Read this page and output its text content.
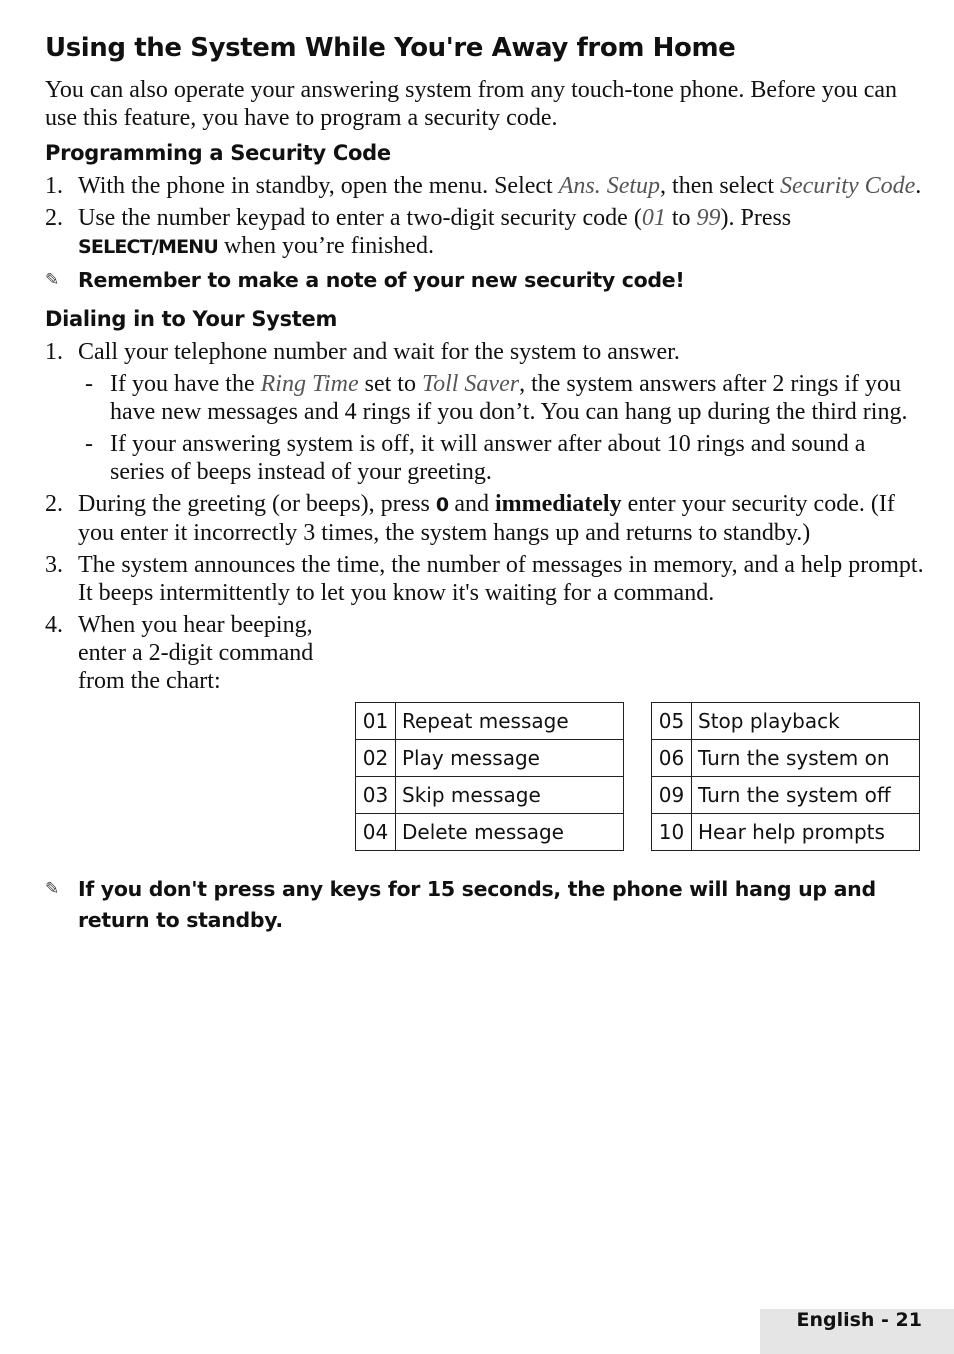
Using the System While You're Away from Home

You can also operate your answering system from any touch-tone phone. Before you can use this feature, you have to program a security code.

Programming a Security Code
1. With the phone in standby, open the menu. Select Ans. Setup, then select Security Code.
2. Use the number keypad to enter a two-digit security code (01 to 99). Press SELECT/MENU when you’re finished.
✎ Remember to make a note of your new security code!
Dialing in to Your System
1. Call your telephone number and wait for the system to answer.
- If you have the Ring Time set to Toll Saver, the system answers after 2 rings if you have new messages and 4 rings if you don’t. You can hang up during the third ring.
- If your answering system is off, it will answer after about 10 rings and sound a series of beeps instead of your greeting.
2. During the greeting (or beeps), press 0 and immediately enter your security code. (If you enter it incorrectly 3 times, the system hangs up and returns to standby.)
3. The system announces the time, the number of messages in memory, and a help prompt. It beeps intermittently to let you know it's waiting for a command.
4. When you hear beeping, enter a 2-digit command from the chart:
01	Repeat message
02	Play message
03	Skip message
04	Delete message
05	Stop playback
06	Turn the system on
09	Turn the system off
10	Hear help prompts
✎ If you don't press any keys for 15 seconds, the phone will hang up and return to standby.
English - 21
